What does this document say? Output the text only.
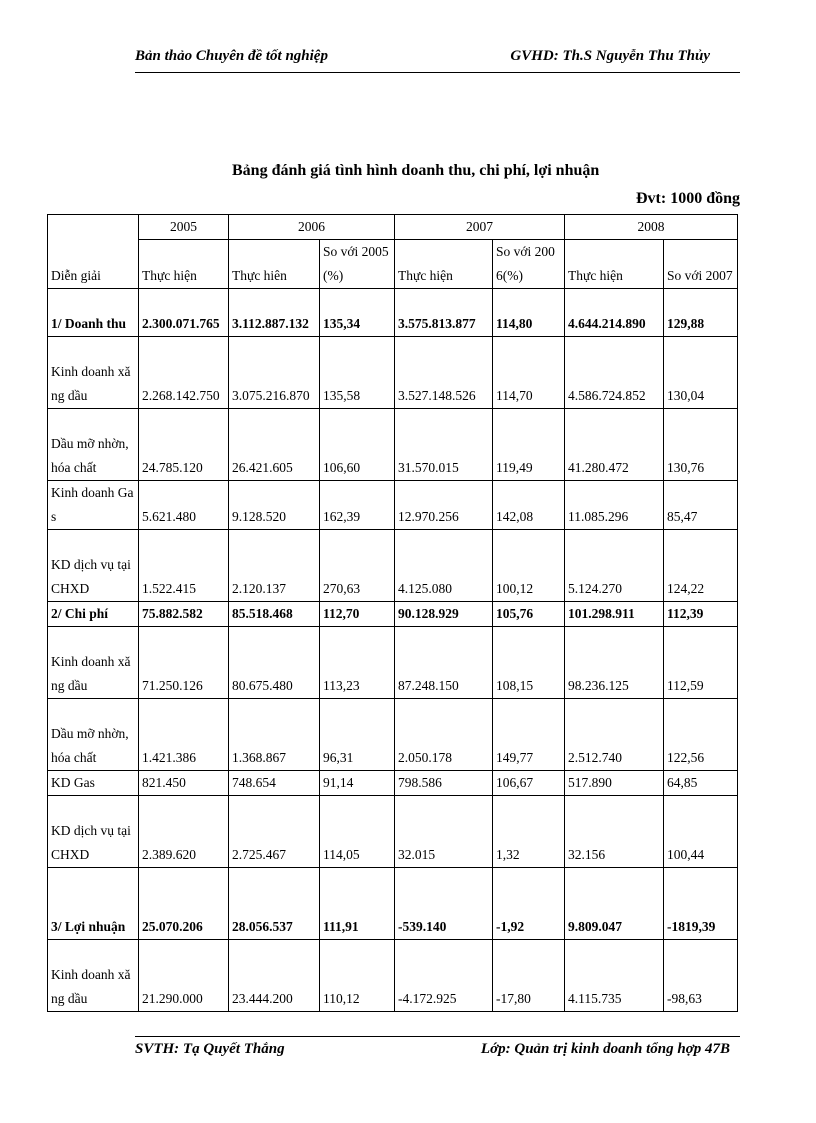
Bản thảo Chuyên đề tốt nghiệp	GVHD: Th.S Nguyễn Thu Thủy
Bảng đánh giá tình hình doanh thu, chi phí, lợi nhuận
Đvt: 1000 đồng
Diễn giải	2005	2006		2007		2008	
	Thực hiện	Thực hiên	So với 2005(%)	Thực hiện	So với 2006(%)	Thực hiện	So với 2007
1/ Doanh thu	2.300.071.765	3.112.887.132	135,34	3.575.813.877	114,80	4.644.214.890	129,88
Kinh doanh xăng dầu	2.268.142.750	3.075.216.870	135,58	3.527.148.526	114,70	4.586.724.852	130,04
Dầu mỡ nhờn, hóa chất	24.785.120	26.421.605	106,60	31.570.015	119,49	41.280.472	130,76
Kinh doanh Gas	5.621.480	9.128.520	162,39	12.970.256	142,08	11.085.296	85,47
KD dịch vụ tại CHXD	1.522.415	2.120.137	270,63	4.125.080	100,12	5.124.270	124,22
2/ Chi phí	75.882.582	85.518.468	112,70	90.128.929	105,76	101.298.911	112,39
Kinh doanh xăng dầu	71.250.126	80.675.480	113,23	87.248.150	108,15	98.236.125	112,59
Dầu mỡ nhờn, hóa chất	1.421.386	1.368.867	96,31	2.050.178	149,77	2.512.740	122,56
KD Gas	821.450	748.654	91,14	798.586	106,67	517.890	64,85
KD dịch vụ tại CHXD	2.389.620	2.725.467	114,05	32.015	1,32	32.156	100,44
3/ Lợi nhuận	25.070.206	28.056.537	111,91	-539.140	-1,92	9.809.047	-1819,39
Kinh doanh xăng dầu	21.290.000	23.444.200	110,12	-4.172.925	-17,80	4.115.735	-98,63
SVTH: Tạ Quyết Thắng	Lớp: Quản trị kinh doanh tổng hợp 47B
